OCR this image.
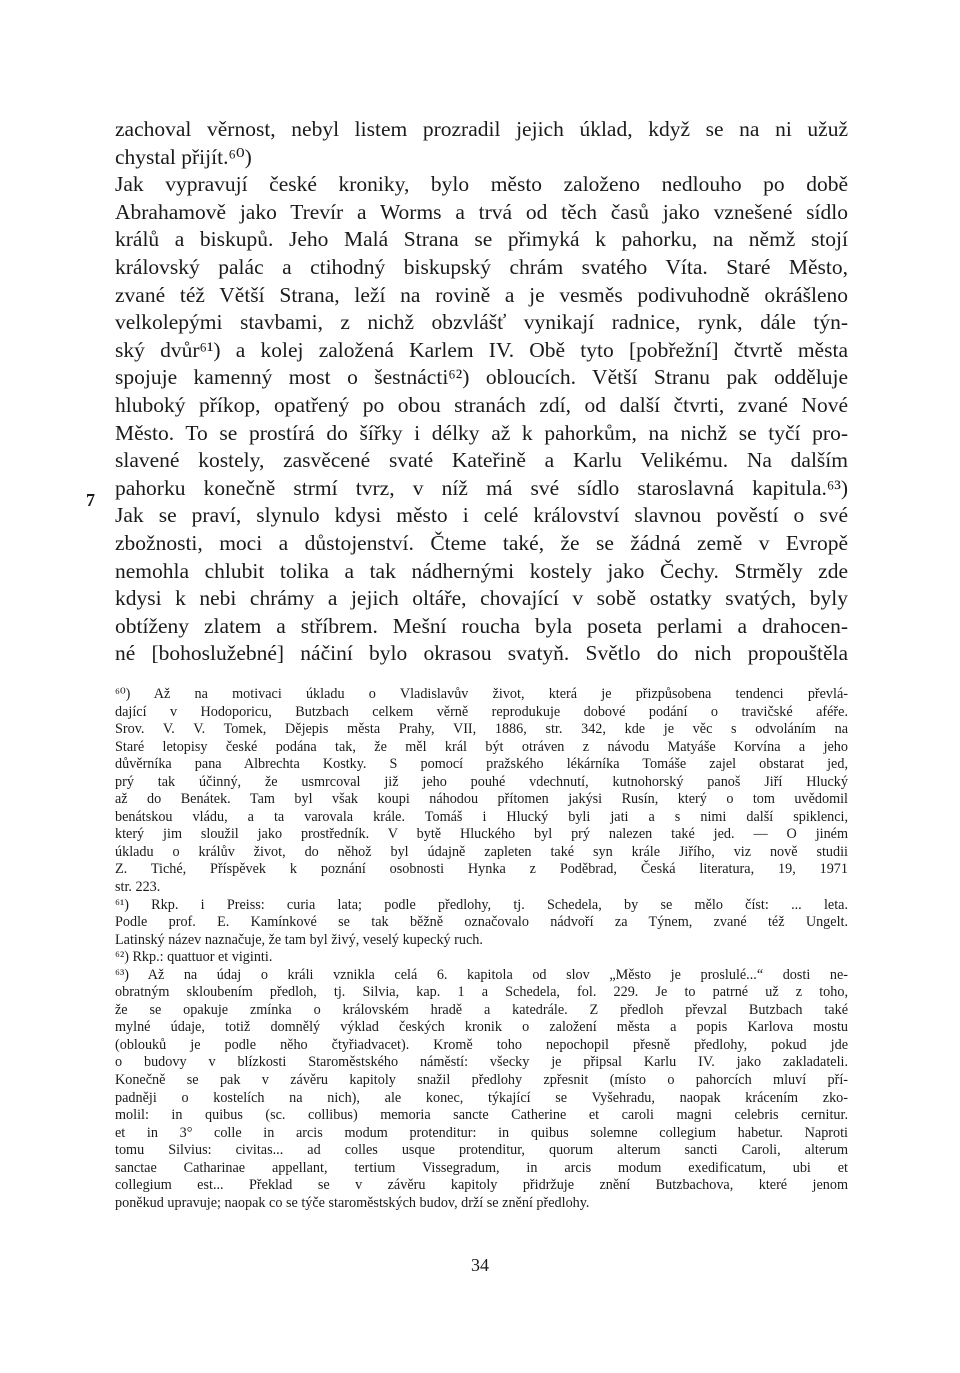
zachoval věrnost, nebyl listem prozradil jejich úklad, když se na ni užuž
chystal přijít.⁶⁰)
Jak vypravují české kroniky, bylo město založeno nedlouho po době
Abrahamově jako Trevír a Worms a trvá od těch časů jako vznešené sídlo
králů a biskupů. Jeho Malá Strana se přimyká k pahorku, na němž stojí
královský palác a ctihodný biskupský chrám svatého Víta. Staré Město,
zvané též Větší Strana, leží na rovině a je vesměs podivuhodně okrášleno
velkolepými stavbami, z nichž obzvlášť vynikají radnice, rynk, dále týn-
ský dvůr⁶¹) a kolej založená Karlem IV. Obě tyto [pobřežní] čtvrtě města
spojuje kamenný most o šestnácti⁶²) obloucích. Větší Stranu pak odděluje
hluboký příkop, opatřený po obou stranách zdí, od další čtvrti, zvané Nové
Město. To se prostírá do šířky i délky až k pahorkům, na nichž se tyčí pro-
slavené kostely, zasvěcené svaté Kateřině a Karlu Velikému. Na dalším
pahorku konečně strmí tvrz, v níž má své sídlo staroslavná kapitula.⁶³)
Jak se praví, slynulo kdysi město i celé království slavnou pověstí o své
zbožnosti, moci a důstojenství. Čteme také, že se žádná země v Evropě
nemohla chlubit tolika a tak nádhernými kostely jako Čechy. Strměly zde
kdysi k nebi chrámy a jejich oltáře, chovající v sobě ostatky svatých, byly
obtíženy zlatem a stříbrem. Mešní roucha byla poseta perlami a drahocen-
né [bohoslužebné] náčiní bylo okrasou svatyň. Světlo do nich propouštěla
7
⁶⁰) Až na motivaci úkladu o Vladislavův život, která je přizpůsobena tendenci převlá-
dající v Hodoporicu, Butzbach celkem věrně reprodukuje dobové podání o travičské aféře.
Srov. V. V. Tomek, Dějepis města Prahy, VII, 1886, str. 342, kde je věc s odvoláním na
Staré letopisy české podána tak, že měl král být otráven z návodu Matyáše Korvína a jeho
důvěrníka pana Albrechta Kostky. S pomocí pražského lékárníka Tomáše zajel obstarat jed,
prý tak účinný, že usmrcoval již jeho pouhé vdechnutí, kutnohorský panoš Jiří Hlucký
až do Benátek. Tam byl však koupi náhodou přítomen jakýsi Rusín, který o tom uvědomil
benátskou vládu, a ta varovala krále. Tomáš i Hlucký byli jati a s nimi další spiklenci,
který jim sloužil jako prostředník. V bytě Hluckého byl prý nalezen také jed. — O jiném
úkladu o králův život, do něhož byl údajně zapleten také syn krále Jiřího, viz nově studii
Z. Tiché, Příspěvek k poznání osobnosti Hynka z Poděbrad, Česká literatura, 19, 1971
str. 223.
⁶¹) Rkp. i Preiss: curia lata; podle předlohy, tj. Schedela, by se mělo číst: ... leta.
Podle prof. E. Kamínkové se tak běžně označovalo nádvoří za Týnem, zvané též Ungelt.
Latinský název naznačuje, že tam byl živý, veselý kupecký ruch.
⁶²) Rkp.: quattuor et viginti.
⁶³) Až na údaj o králi vznikla celá 6. kapitola od slov „Město je proslulé...“ dosti ne-
obratným skloubením předloh, tj. Silvia, kap. 1 a Schedela, fol. 229. Je to patrné už z toho,
že se opakuje zmínka o královském hradě a katedrále. Z předloh převzal Butzbach také
mylné údaje, totiž domnělý výklad českých kronik o založení města a popis Karlova mostu
(oblouků je podle něho čtyřiadvacet). Kromě toho nepochopil přesně předlohy, pokud jde
o budovy v blízkosti Staroměstského náměstí: všecky je připsal Karlu IV. jako zakladateli.
Konečně se pak v závěru kapitoly snažil předlohy zpřesnit (místo o pahorcích mluví pří-
padněji o kostelích na nich), ale konec, týkající se Vyšehradu, naopak krácením zko-
molil: in quibus (sc. collibus) memoria sancte Catherine et caroli magni celebris cernitur.
et in 3° colle in arcis modum protenditur: in quibus solemne collegium habetur. Naproti
tomu Silvius: civitas... ad colles usque protenditur, quorum alterum sancti Caroli, alterum
sanctae Catharinae appellant, tertium Vissegradum, in arcis modum exedificatum, ubi et
collegium est... Překlad se v závěru kapitoly přidržuje znění Butzbachova, které jenom
poněkud upravuje; naopak co se týče staroměstských budov, drží se znění předlohy.
34
